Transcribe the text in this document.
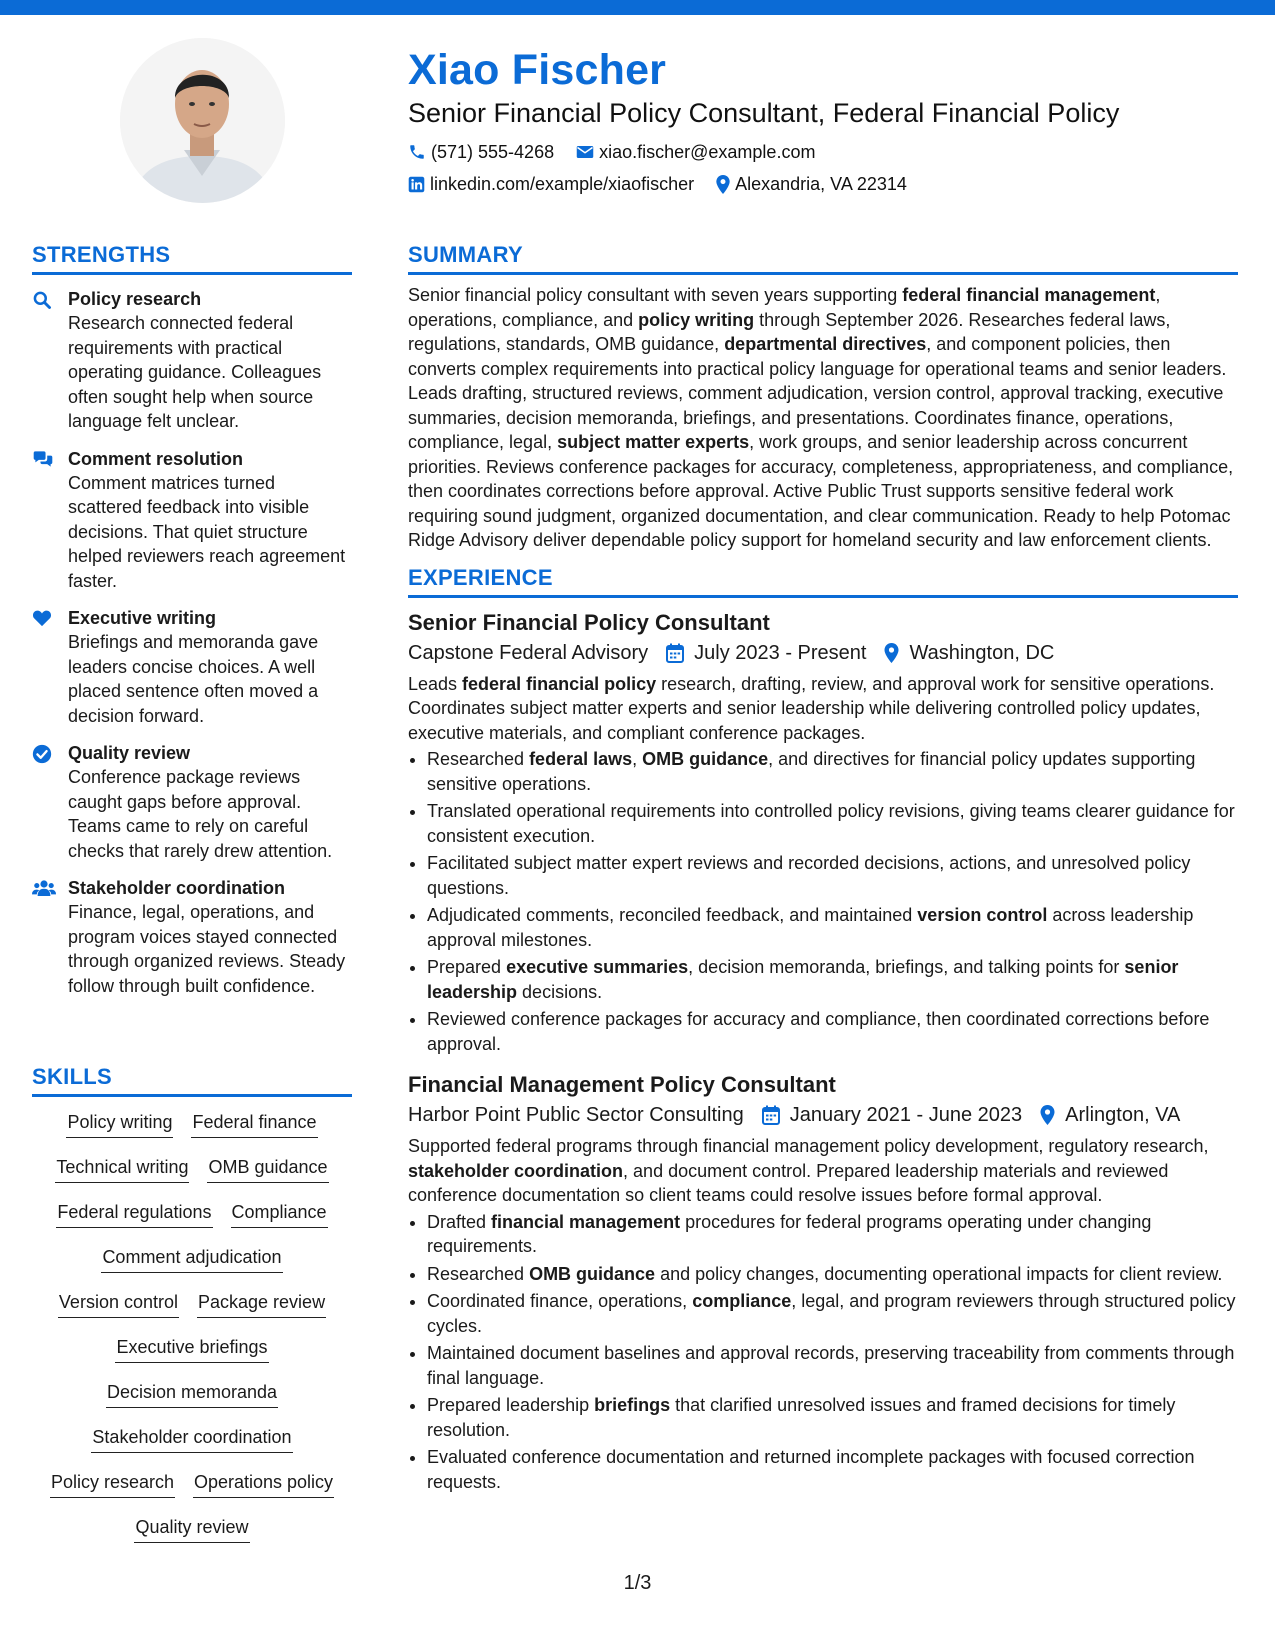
Xiao Fischer
Senior Financial Policy Consultant, Federal Financial Policy
(571) 555-4268	xiao.fischer@example.com
linkedin.com/example/xiaofischer Alexandria, VA 22314
STRENGTHS
Policy research
Research connected federal requirements with practical operating guidance. Colleagues often sought help when source language felt unclear.
Comment resolution
Comment matrices turned scattered feedback into visible decisions. That quiet structure helped reviewers reach agreement faster.
Executive writing
Briefings and memoranda gave leaders concise choices. A well placed sentence often moved a decision forward.
Quality review
Conference package reviews caught gaps before approval. Teams came to rely on careful checks that rarely drew attention.
Stakeholder coordination
Finance, legal, operations, and program voices stayed connected through organized reviews. Steady follow through built confidence.
SKILLS
Policy writing Federal finance
Technical writing OMB guidance
Federal regulations Compliance
Comment adjudication
Version control Package review
Executive briefings
Decision memoranda
Stakeholder coordination
Policy research Operations policy
Quality review
SUMMARY
Senior financial policy consultant with seven years supporting federal financial management, operations, compliance, and policy writing through September 2026. Researches federal laws, regulations, standards, OMB guidance, departmental directives, and component policies, then converts complex requirements into practical policy language for operational teams and senior leaders. Leads drafting, structured reviews, comment adjudication, version control, approval tracking, executive summaries, decision memoranda, briefings, and presentations. Coordinates finance, operations, compliance, legal, subject matter experts, work groups, and senior leadership across concurrent priorities. Reviews conference packages for accuracy, completeness, appropriateness, and compliance, then coordinates corrections before approval. Active Public Trust supports sensitive federal work requiring sound judgment, organized documentation, and clear communication. Ready to help Potomac Ridge Advisory deliver dependable policy support for homeland security and law enforcement clients.
EXPERIENCE
Senior Financial Policy Consultant
Capstone Federal Advisory July 2023 - Present Washington, DC
Leads federal financial policy research, drafting, review, and approval work for sensitive operations. Coordinates subject matter experts and senior leadership while delivering controlled policy updates, executive materials, and compliant conference packages.
• Researched federal laws, OMB guidance, and directives for financial policy updates supporting sensitive operations.
• Translated operational requirements into controlled policy revisions, giving teams clearer guidance for consistent execution.
• Facilitated subject matter expert reviews and recorded decisions, actions, and unresolved policy questions.
• Adjudicated comments, reconciled feedback, and maintained version control across leadership approval milestones.
• Prepared executive summaries, decision memoranda, briefings, and talking points for senior leadership decisions.
• Reviewed conference packages for accuracy and compliance, then coordinated corrections before approval.
Financial Management Policy Consultant
Harbor Point Public Sector Consulting January 2021 - June 2023 Arlington, VA
Supported federal programs through financial management policy development, regulatory research, stakeholder coordination, and document control. Prepared leadership materials and reviewed conference documentation so client teams could resolve issues before formal approval.
• Drafted financial management procedures for federal programs operating under changing requirements.
• Researched OMB guidance and policy changes, documenting operational impacts for client review.
• Coordinated finance, operations, compliance, legal, and program reviewers through structured policy cycles.
• Maintained document baselines and approval records, preserving traceability from comments through final language.
• Prepared leadership briefings that clarified unresolved issues and framed decisions for timely resolution.
• Evaluated conference documentation and returned incomplete packages with focused correction requests.
1/3
